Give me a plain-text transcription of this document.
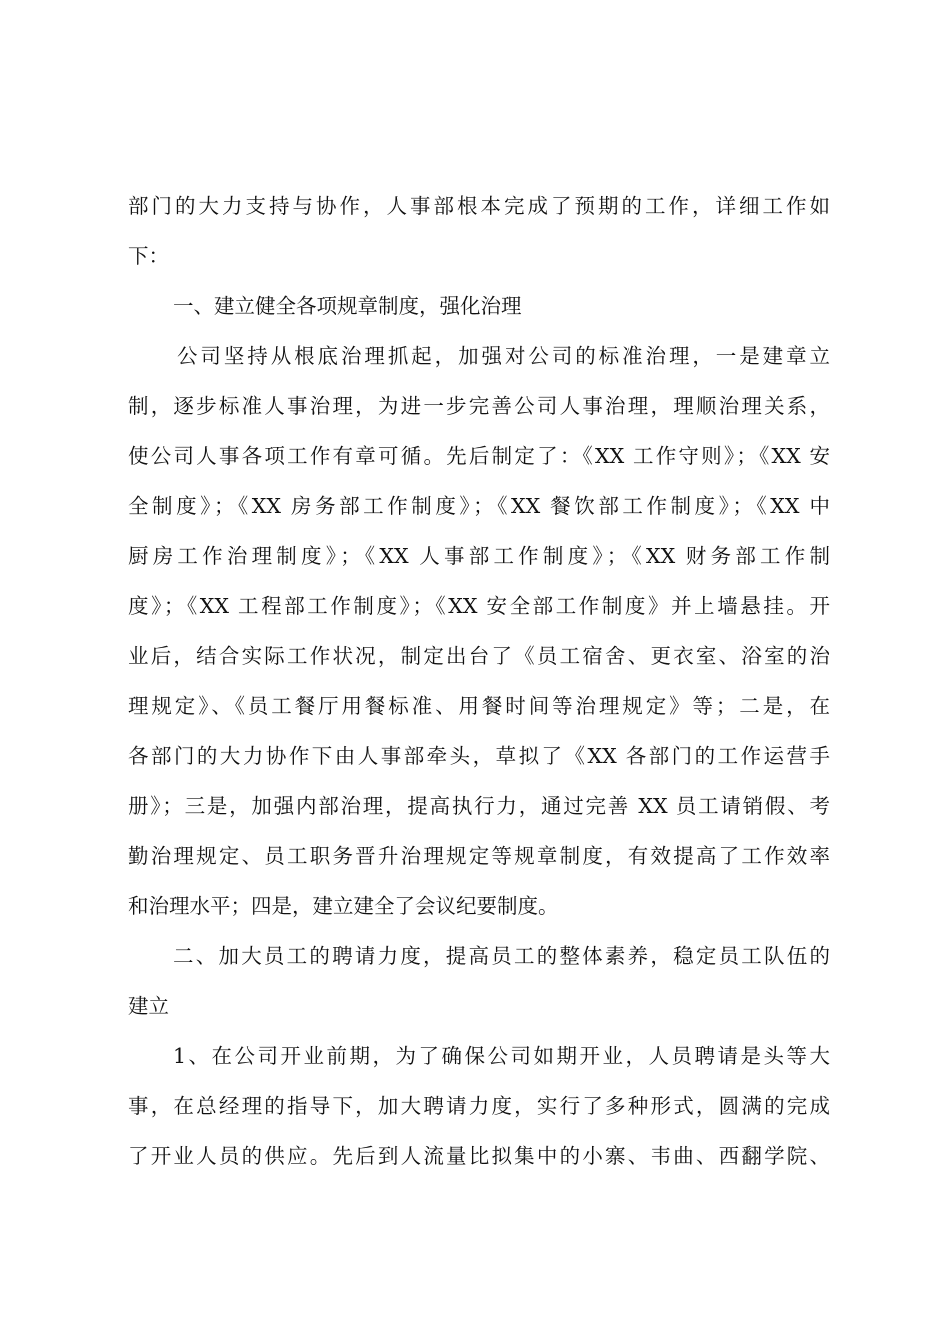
部门的大力支持与协作，人事部根本完成了预期的工作，详细工作如
下：
一、建立健全各项规章制度，强化治理
公司坚持从根底治理抓起，加强对公司的标准治理，一是建章立
制，逐步标准人事治理，为进一步完善公司人事治理，理顺治理关系，
使公司人事各项工作有章可循。先后制定了：《XX 工作守则》；《XX 安
全制度》；《XX 房务部工作制度》；《XX 餐饮部工作制度》；《XX 中
厨房工作治理制度》；《XX 人事部工作制度》；《XX 财务部工作制
度》；《XX 工程部工作制度》；《XX 安全部工作制度》并上墙悬挂。开
业后，结合实际工作状况，制定出台了《员工宿舍、更衣室、浴室的治
理规定》、《员工餐厅用餐标准、用餐时间等治理规定》等；二是，在
各部门的大力协作下由人事部牵头，草拟了《XX 各部门的工作运营手
册》；三是，加强内部治理，提高执行力，通过完善 XX 员工请销假、考
勤治理规定、员工职务晋升治理规定等规章制度，有效提高了工作效率
和治理水平；四是，建立建全了会议纪要制度。
二、加大员工的聘请力度，提高员工的整体素养，稳定员工队伍的
建立
1、在公司开业前期，为了确保公司如期开业，人员聘请是头等大
事，在总经理的指导下，加大聘请力度，实行了多种形式，圆满的完成
了开业人员的供应。先后到人流量比拟集中的小寨、韦曲、西翻学院、
